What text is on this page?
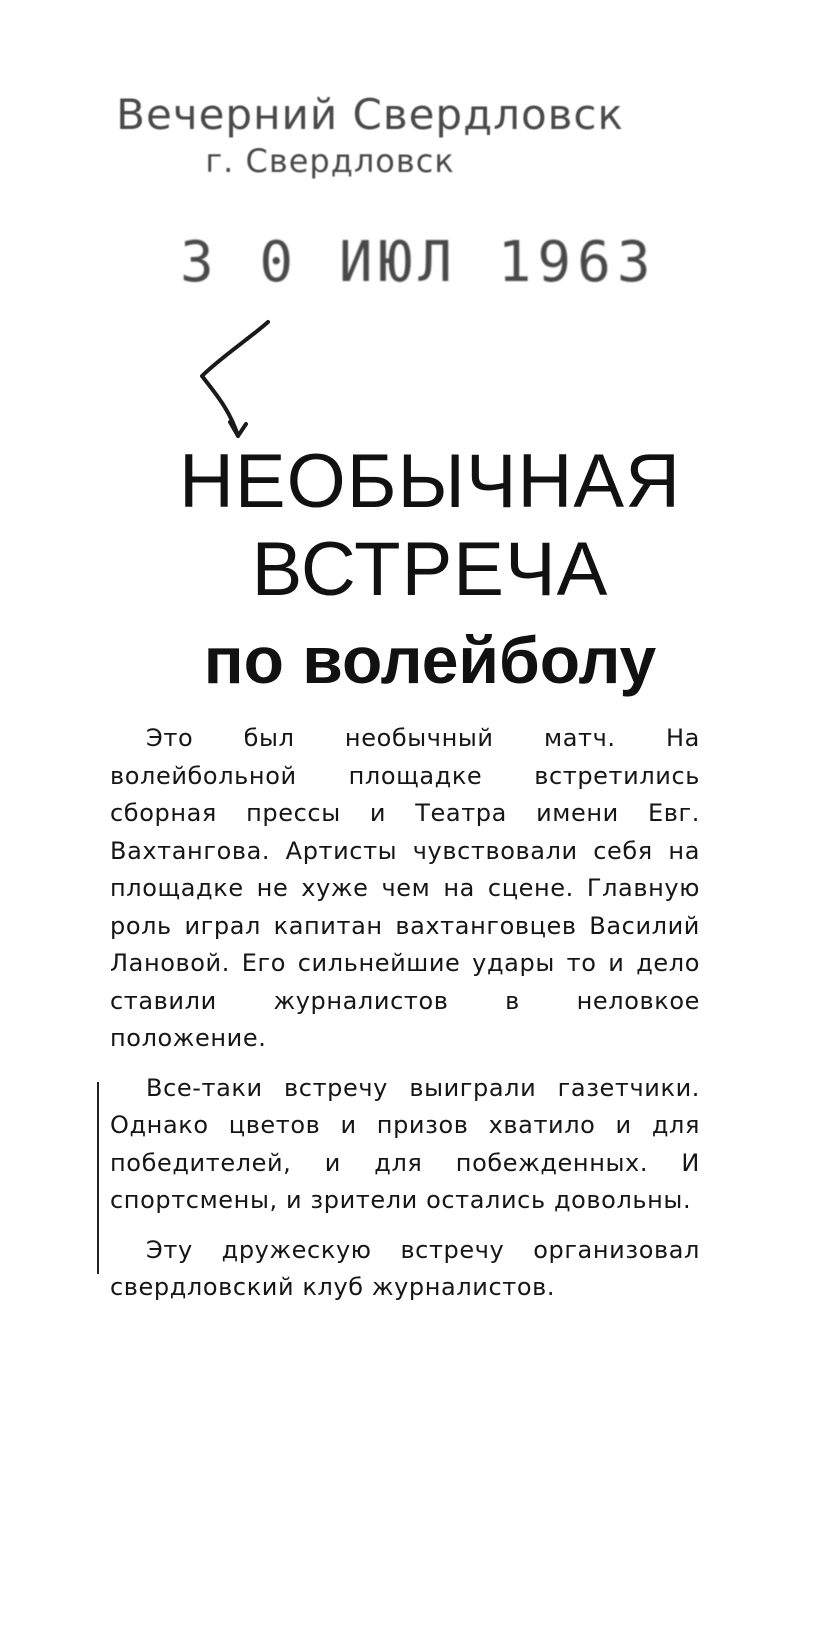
Вечерний Свердловск
г. Свердловск
3 0 ИЮЛ 1963
НЕОБЫЧНАЯ
ВСТРЕЧА
по волейболу

Это был необычный матч. На волейбольной площадке встретились сборная прессы и Театра имени Евг. Вахтангова. Артисты чувствовали себя на площадке не хуже чем на сцене. Главную роль играл капитан вахтанговцев Василий Лановой. Его сильнейшие удары то и дело ставили журналистов в неловкое положение.

Все-таки встречу выиграли газетчики. Однако цветов и призов хватило и для победителей, и для побежденных. И спортсмены, и зрители остались довольны.

Эту дружескую встречу организовал свердловский клуб журналистов.
